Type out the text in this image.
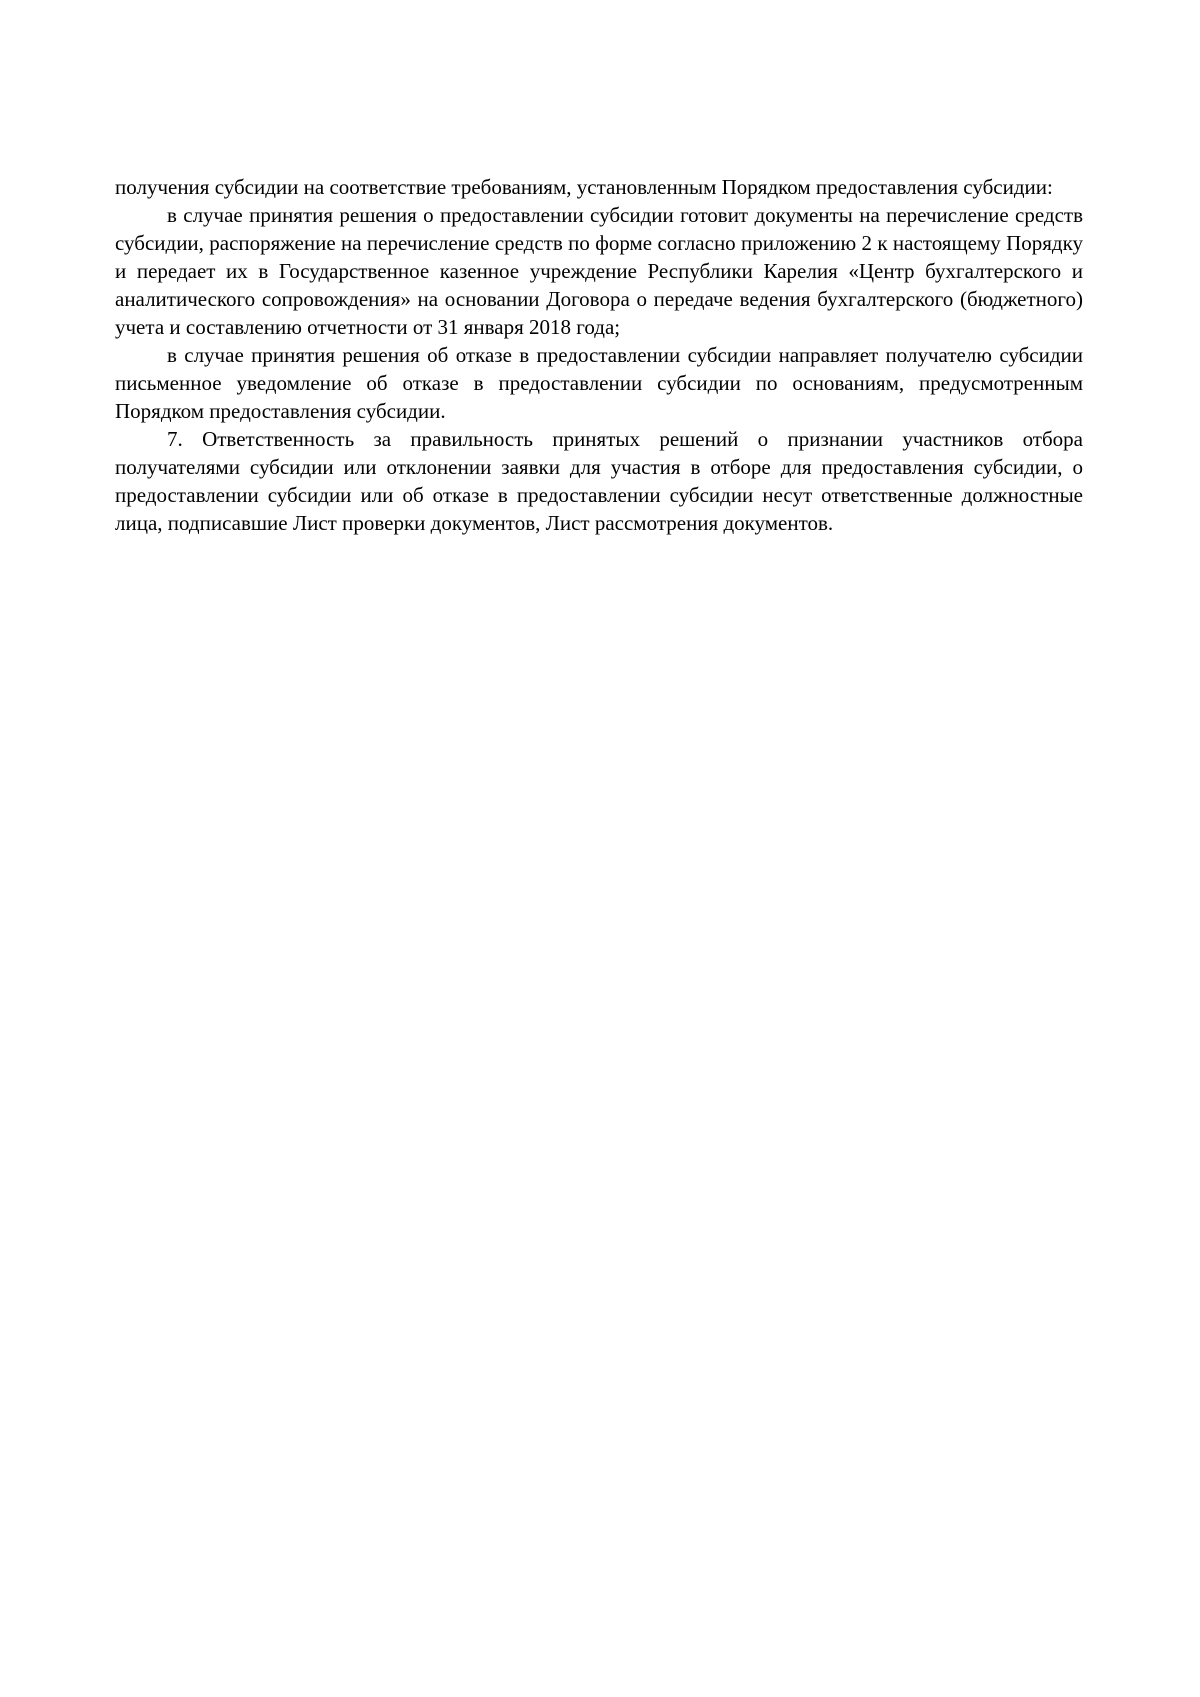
получения субсидии на соответствие требованиям, установленным Порядком предоставления субсидии:

в случае принятия решения о предоставлении субсидии готовит документы на перечисление средств субсидии, распоряжение на перечисление средств по форме согласно приложению 2 к настоящему Порядку и передает их в Государственное казенное учреждение Республики Карелия «Центр бухгалтерского и аналитического сопровождения» на основании Договора о передаче ведения бухгалтерского (бюджетного) учета и составлению отчетности от 31 января 2018 года;

в случае принятия решения об отказе в предоставлении субсидии направляет получателю субсидии письменное уведомление об отказе в предоставлении субсидии по основаниям, предусмотренным Порядком предоставления субсидии.

7. Ответственность за правильность принятых решений о признании участников отбора получателями субсидии или отклонении заявки для участия в отборе для предоставления субсидии, о предоставлении субсидии или об отказе в предоставлении субсидии несут ответственные должностные лица, подписавшие Лист проверки документов, Лист рассмотрения документов.
